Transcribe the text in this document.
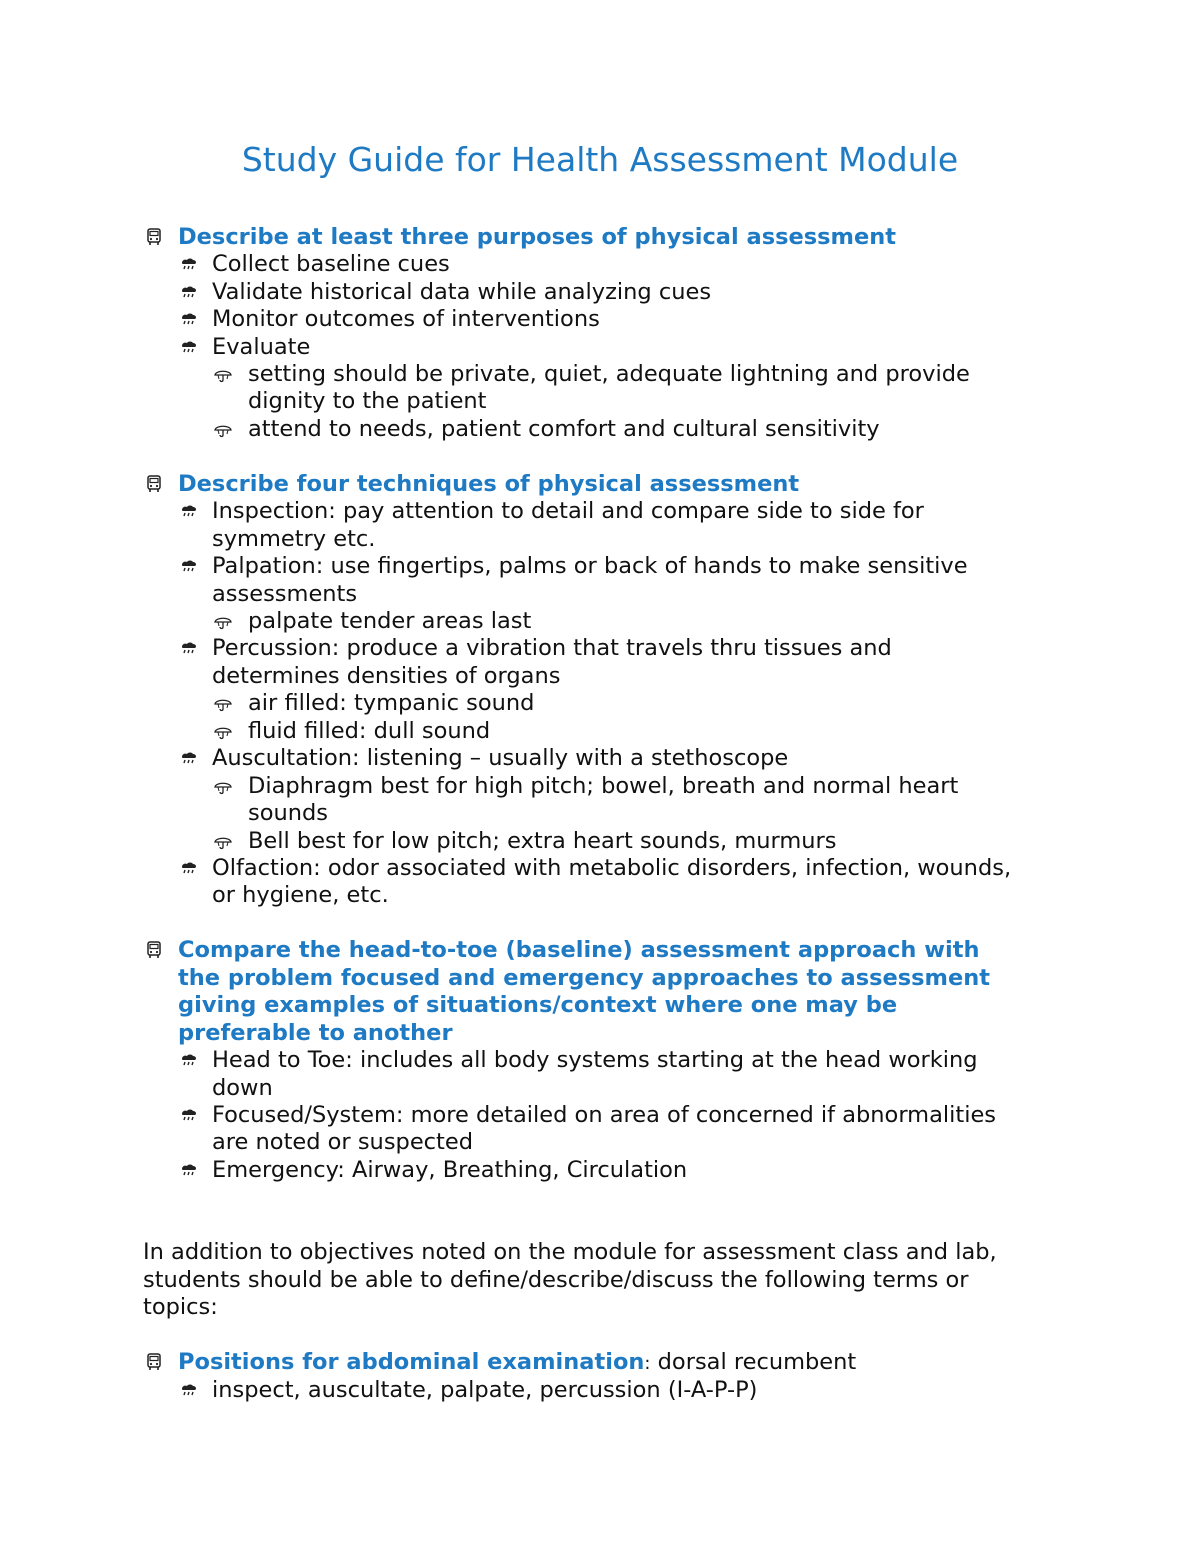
Study Guide for Health Assessment Module
Describe at least three purposes of physical assessment
Collect baseline cues
Validate historical data while analyzing cues
Monitor outcomes of interventions
Evaluate
setting should be private, quiet, adequate lightning and provide
dignity to the patient
attend to needs, patient comfort and cultural sensitivity
Describe four techniques of physical assessment
Inspection: pay attention to detail and compare side to side for
symmetry etc.
Palpation: use fingertips, palms or back of hands to make sensitive
assessments
palpate tender areas last
Percussion: produce a vibration that travels thru tissues and
determines densities of organs
air filled: tympanic sound
fluid filled: dull sound
Auscultation: listening – usually with a stethoscope
Diaphragm best for high pitch; bowel, breath and normal heart
sounds
Bell best for low pitch; extra heart sounds, murmurs
Olfaction: odor associated with metabolic disorders, infection, wounds,
or hygiene, etc.
Compare the head-to-toe (baseline) assessment approach with
the problem focused and emergency approaches to assessment
giving examples of situations/context where one may be
preferable to another
Head to Toe: includes all body systems starting at the head working
down
Focused/System: more detailed on area of concerned if abnormalities
are noted or suspected
Emergency: Airway, Breathing, Circulation
In addition to objectives noted on the module for assessment class and lab,
students should be able to define/describe/discuss the following terms or
topics:
Positions for abdominal examination: dorsal recumbent
inspect, auscultate, palpate, percussion (I-A-P-P)
